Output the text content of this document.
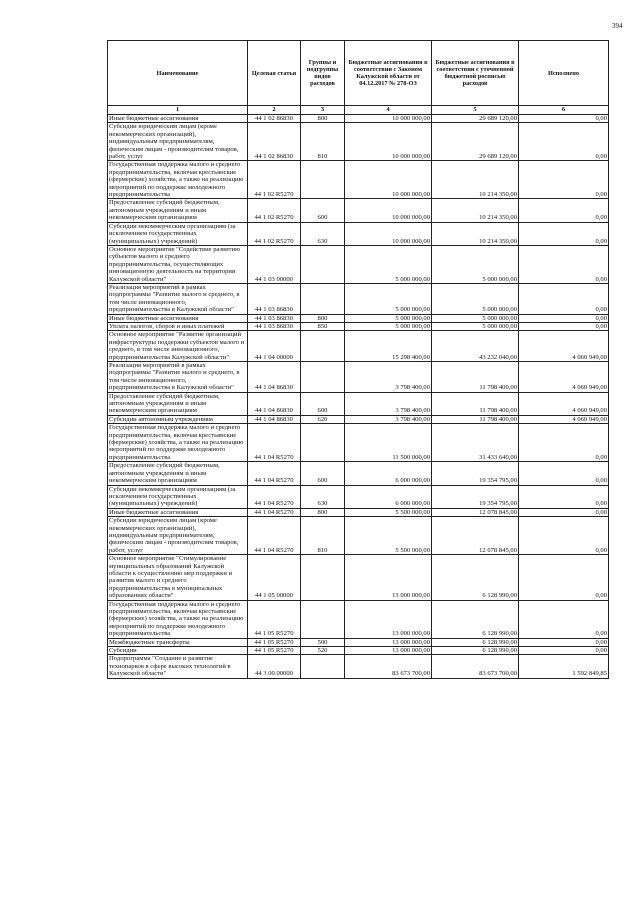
394
Наименование	Целевая статья	Группы и подгруппы видов расходов	Бюджетные ассигнования в соответствии с Законом Калужской области от 04.12.2017 № 278-ОЗ	Бюджетные ассигнования в соответствии с уточненной бюджетной росписью расходов	Исполнено
1	2	3	4	5	6
Иные бюджетные ассигнования	44 1 02 86830	800	10 000 000,00	29 689 120,00	0,00
Субсидии юридическим лицам (кроме некоммерческих организаций), индивидуальным предпринимателям, физическим лицам - производителям товаров, работ, услуг	44 1 02 86830	810	10 000 000,00	29 689 120,00	0,00
Государственная поддержка малого и среднего предпринимательства, включая крестьянские (фермерские) хозяйства, а также на реализацию мероприятий по поддержке молодежного предпринимательства	44 1 02 R5270		10 000 000,00	10 214 350,00	0,00
Предоставление субсидий бюджетным, автономным учреждениям и иным некоммерческим организациям	44 1 02 R5270	600	10 000 000,00	10 214 350,00	0,00
Субсидии некоммерческим организациям (за исключением государственных (муниципальных) учреждений)	44 1 02 R5270	630	10 000 000,00	10 214 350,00	0,00
Основное мероприятие "Содействие развитию субъектов малого и среднего предпринимательства, осуществляющих инновационную деятельность на территории Калужской области"	44 1 03 00000		5 000 000,00	5 000 000,00	0,00
Реализация мероприятий в рамках подпрограммы "Развитие малого и среднего, в том числе инновационного, предпринимательства в Калужской области"	44 1 03 86830		5 000 000,00	5 000 000,00	0,00
Иные бюджетные ассигнования	44 1 03 86830	800	5 000 000,00	5 000 000,00	0,00
Уплата налогов, сборов и иных платежей	44 1 03 86830	850	5 000 000,00	5 000 000,00	0,00
Основное мероприятие "Развитие организаций инфраструктуры поддержки субъектов малого и среднего, в том числе инновационного, предпринимательства Калужской области"	44 1 04 00000		15 298 400,00	43 232 040,00	4 060 949,00
Реализация мероприятий в рамках подпрограммы "Развитие малого и среднего, в том числе инновационного, предпринимательства в Калужской области"	44 1 04 86830		3 798 400,00	11 798 400,00	4 060 949,00
Предоставление субсидий бюджетным, автономным учреждениям и иным некоммерческим организациям	44 1 04 86830	600	3 798 400,00	11 798 400,00	4 060 949,00
Субсидии автономным учреждениям	44 1 04 86830	620	3 798 400,00	11 798 400,00	4 060 949,00
Государственная поддержка малого и среднего предпринимательства, включая крестьянские (фермерские) хозяйства, а также на реализацию мероприятий по поддержке молодежного предпринимательства	44 1 04 R5270		11 500 000,00	31 433 640,00	0,00
Предоставление субсидий бюджетным, автономным учреждениям и иным некоммерческим организациям	44 1 04 R5270	600	6 000 000,00	19 354 795,00	0,00
Субсидии некоммерческим организациям (за исключением государственных (муниципальных) учреждений)	44 1 04 R5270	630	6 000 000,00	19 354 795,00	0,00
Иные бюджетные ассигнования	44 1 04 R5270	800	5 500 000,00	12 078 845,00	0,00
Субсидии юридическим лицам (кроме некоммерческих организаций), индивидуальным предпринимателям, физическим лицам - производителям товаров, работ, услуг	44 1 04 R5270	810	5 500 000,00	12 078 845,00	0,00
Основное мероприятие "Стимулирование муниципальных образований Калужской области к осуществлению мер поддержки и развития малого и среднего предпринимательства в муниципальных образованиях области"	44 1 05 00000		13 000 000,00	6 128 990,00	0,00
Государственная поддержка малого и среднего предпринимательства, включая крестьянские (фермерские) хозяйства, а также на реализацию мероприятий по поддержке молодежного предпринимательства	44 1 05 R5270		13 000 000,00	6 128 990,00	0,00
Межбюджетные трансферты	44 1 05 R5270	500	13 000 000,00	6 128 990,00	0,00
Субсидии	44 1 05 R5270	520	13 000 000,00	6 128 990,00	0,00
Подпрограмма "Создание и развитие технопарков в сфере высоких технологий в Калужской области"	44 3 00 00000		83 673 700,00	83 673 700,00	1 592 849,85
